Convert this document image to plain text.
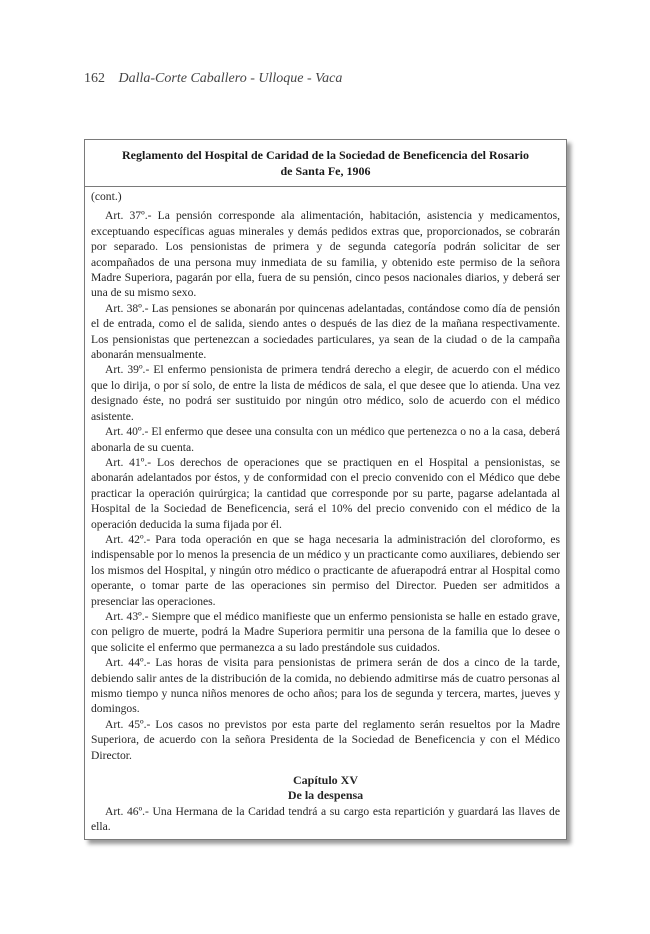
162 Dalla-Corte Caballero - Ulloque - Vaca
Reglamento del Hospital de Caridad de la Sociedad de Beneficencia del Rosario
de Santa Fe, 1906

(cont.)

Art. 37º.- La pensión corresponde ala alimentación, habitación, asistencia y medicamentos, exceptuando específicas aguas minerales y demás pedidos extras que, proporcionados, se cobrarán por separado. Los pensionistas de primera y de segunda categoría podrán solicitar de ser acompañados de una persona muy inmediata de su familia, y obtenido este permiso de la señora Madre Superiora, pagarán por ella, fuera de su pensión, cinco pesos nacionales diarios, y deberá ser una de su mismo sexo.

Art. 38º.- Las pensiones se abonarán por quincenas adelantadas, contándose como día de pensión el de entrada, como el de salida, siendo antes o después de las diez de la mañana respectivamente. Los pensionistas que pertenezcan a sociedades particulares, ya sean de la ciudad o de la campaña abonarán mensualmente.

Art. 39º.- El enfermo pensionista de primera tendrá derecho a elegir, de acuerdo con el médico que lo dirija, o por sí solo, de entre la lista de médicos de sala, el que desee que lo atienda. Una vez designado éste, no podrá ser sustituido por ningún otro médico, solo de acuerdo con el médico asistente.

Art. 40º.- El enfermo que desee una consulta con un médico que pertenezca o no a la casa, deberá abonarla de su cuenta.

Art. 41º.- Los derechos de operaciones que se practiquen en el Hospital a pensionistas, se abonarán adelantados por éstos, y de conformidad con el precio convenido con el Médico que debe practicar la operación quirúrgica; la cantidad que corresponde por su parte, pagarse adelantada al Hospital de la Sociedad de Beneficencia, será el 10% del precio convenido con el médico de la operación deducida la suma fijada por él.

Art. 42º.- Para toda operación en que se haga necesaria la administración del cloroformo, es indispensable por lo menos la presencia de un médico y un practicante como auxiliares, debiendo ser los mismos del Hospital, y ningún otro médico o practicante de afuerapodrá entrar al Hospital como operante, o tomar parte de las operaciones sin permiso del Director. Pueden ser admitidos a presenciar las operaciones.

Art. 43º.- Siempre que el médico manifieste que un enfermo pensionista se halle en estado grave, con peligro de muerte, podrá la Madre Superiora permitir una persona de la familia que lo desee o que solicite el enfermo que permanezca a su lado prestándole sus cuidados.

Art. 44º.- Las horas de visita para pensionistas de primera serán de dos a cinco de la tarde, debiendo salir antes de la distribución de la comida, no debiendo admitirse más de cuatro personas al mismo tiempo y nunca niños menores de ocho años; para los de segunda y tercera, martes, jueves y domingos.

Art. 45º.- Los casos no previstos por esta parte del reglamento serán resueltos por la Madre Superiora, de acuerdo con la señora Presidenta de la Sociedad de Beneficencia y con el Médico Director.

Capítulo XV
De la despensa

Art. 46º.- Una Hermana de la Caridad tendrá a su cargo esta repartición y guardará las llaves de ella.
